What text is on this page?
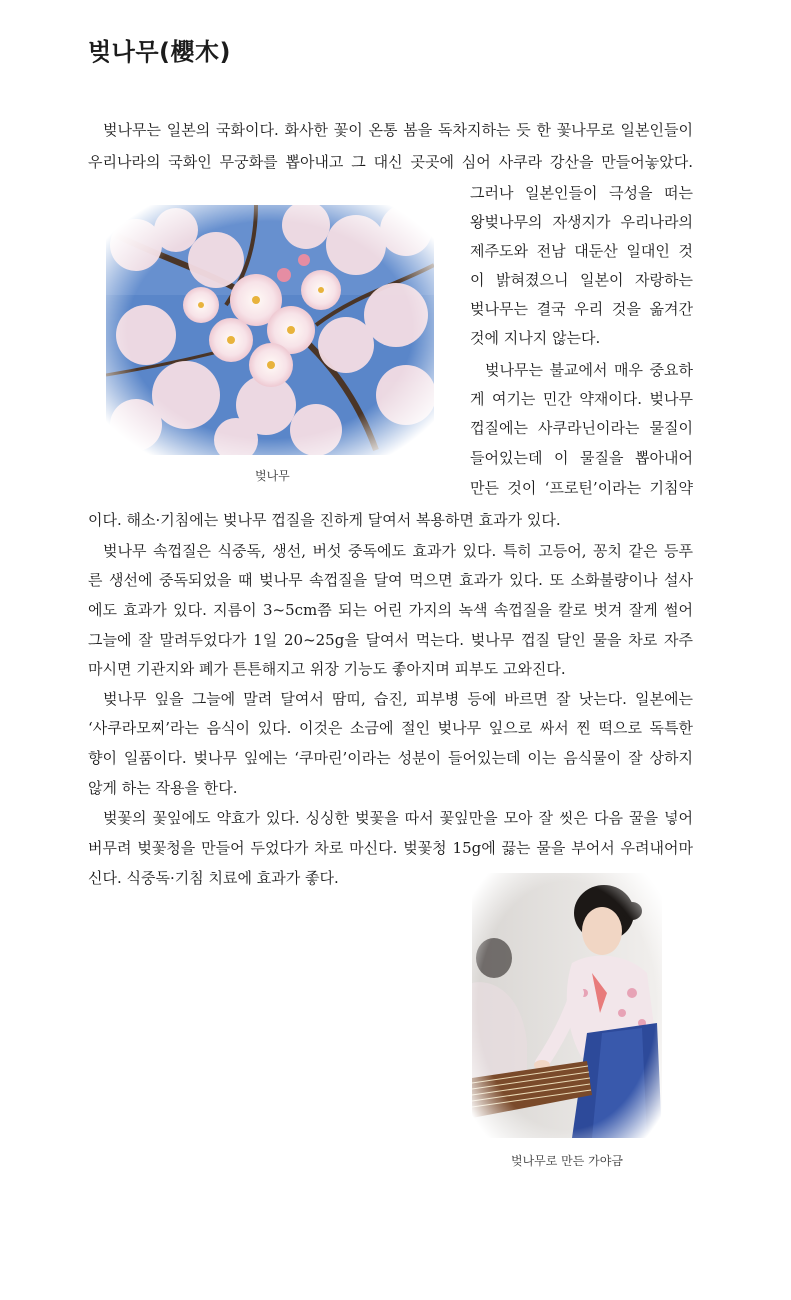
벚나무(櫻木)
벚나무는 일본의 국화이다. 화사한 꽃이 온통 봄을 독차지하는 듯 한 꽃나무로 일본인들이
우리나라의 국화인 무궁화를 뽑아내고 그 대신 곳곳에 심어 사쿠라 강산을 만들어놓았다.
그러나 일본인들이 극성을 떠는
왕벚나무의 자생지가 우리나라의
제주도와 전남 대둔산 일대인 것
이 밝혀졌으니 일본이 자랑하는
벚나무는 결국 우리 것을 옮겨간
것에 지나지 않는다.
벚나무는 불교에서 매우 중요하
게 여기는 민간 약재이다. 벚나무
껍질에는 사쿠라닌이라는 물질이
들어있는데 이 물질을 뽑아내어
만든 것이 ‘프로틴’이라는 기침약
이다. 해소·기침에는 벚나무 껍질을 진하게 달여서 복용하면 효과가 있다.
벚나무 속껍질은 식중독, 생선, 버섯 중독에도 효과가 있다. 특히 고등어, 꽁치 같은 등푸
른 생선에 중독되었을 때 벚나무 속껍질을 달여 먹으면 효과가 있다. 또 소화불량이나 설사
에도 효과가 있다. 지름이 3~5cm쯤 되는 어린 가지의 녹색 속껍질을 칼로 벗겨 잘게 썰어
그늘에 잘 말려두었다가 1일 20~25g을 달여서 먹는다. 벚나무 껍질 달인 물을 차로 자주
마시면 기관지와 폐가 튼튼해지고 위장 기능도 좋아지며 피부도 고와진다.
벚나무 잎을 그늘에 말려 달여서 땀띠, 습진, 피부병 등에 바르면 잘 낫는다. 일본에는
‘사쿠라모찌’라는 음식이 있다. 이것은 소금에 절인 벚나무 잎으로 싸서 찐 떡으로 독특한
향이 일품이다. 벚나무 잎에는 ‘쿠마린’이라는 성분이 들어있는데 이는 음식물이 잘 상하지
않게 하는 작용을 한다.
벚꽃의 꽃잎에도 약효가 있다. 싱싱한 벚꽃을 따서 꽃잎만을 모아 잘 씻은 다음 꿀을 넣어
버무려 벚꽃청을 만들어 두었다가 차로 마신다. 벚꽃청 15g에 끓는 물을 부어서 우려내어마
신다. 식중독·기침 치료에 효과가 좋다.
벚나무
벚나무로 만든 가야금
